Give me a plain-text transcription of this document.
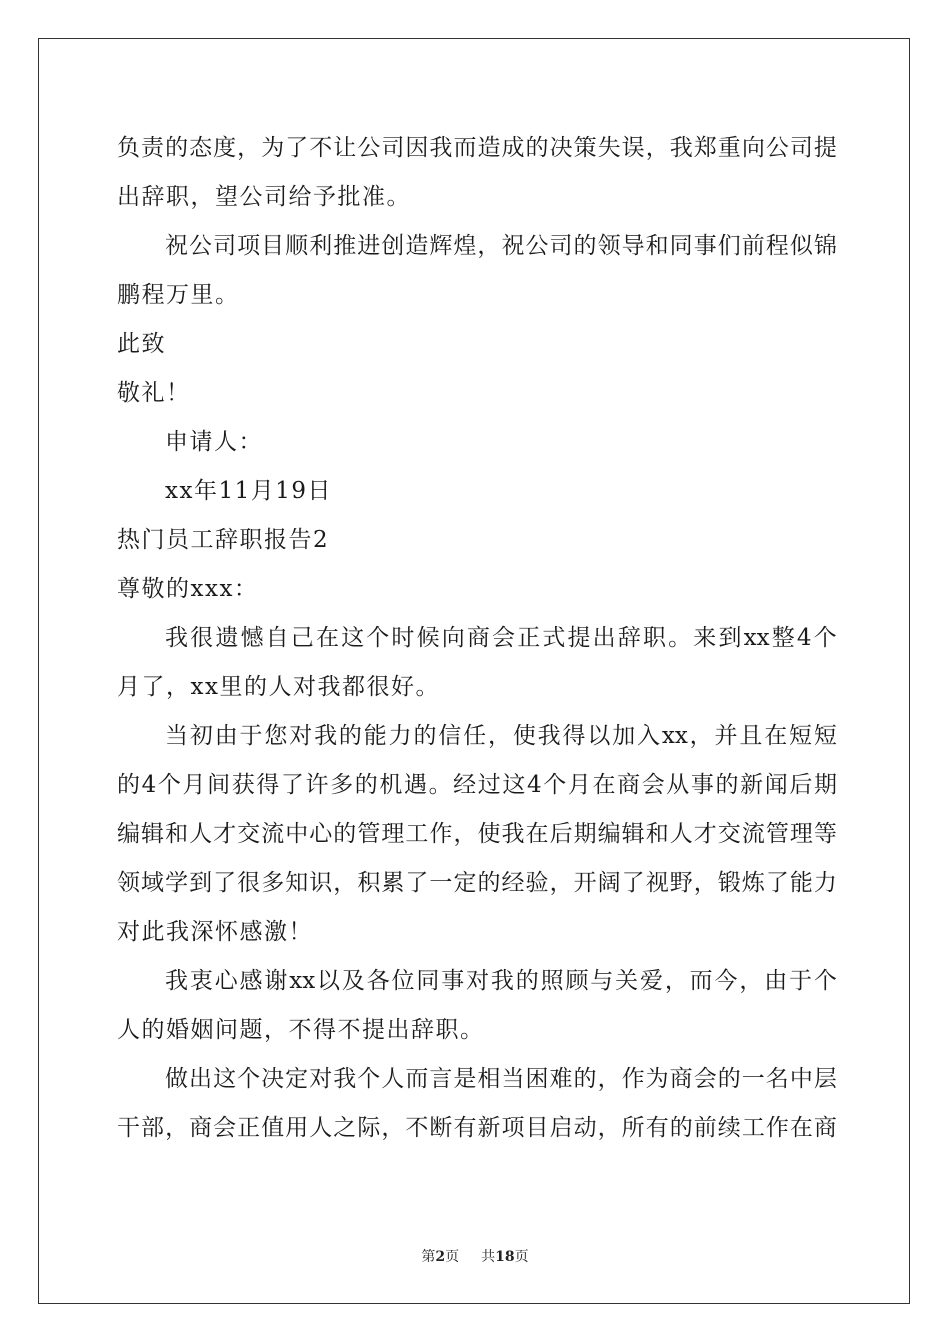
负 责 的 态 度 ， 为 了 不 让 公 司 因 我 而 造 成 的 决 策 失 误 ， 我 郑 重 向 公 司 提
出辞职，望公司给予批准。
祝 公 司 项 目 顺 利 推 进 创 造 辉 煌 ， 祝 公 司 的 领 导 和 同 事 们 前 程 似 锦
鹏程万里。
此致
敬礼！
申请人：
xx年11月19日
热门员工辞职报告2
尊敬的xxx：
我 很 遗 憾 自 己 在 这 个 时 候 向 商 会 正 式 提 出 辞 职 。 来 到 xx 整 4 个
月了，xx里的人对我都很好。
当 初 由 于 您 对 我 的 能 力 的 信 任 ， 使 我 得 以 加 入 xx ， 并 且 在 短 短
的 4 个 月 间 获 得 了 许 多 的 机 遇 。 经 过 这 4 个 月 在 商 会 从 事 的 新 闻 后 期
编 辑 和 人 才 交 流 中 心 的 管 理 工 作 ， 使 我 在 后 期 编 辑 和 人 才 交 流 管 理 等
领 域 学 到 了 很 多 知 识 ， 积 累 了 一 定 的 经 验 ， 开 阔 了 视 野 ， 锻 炼 了 能 力
对此我深怀感激！
我 衷 心 感 谢 xx 以 及 各 位 同 事 对 我 的 照 顾 与 关 爱 ， 而 今 ， 由 于 个
人的婚姻问题，不得不提出辞职。
做 出 这 个 决 定 对 我 个 人 而 言 是 相 当 困 难 的 ， 作 为 商 会 的 一 名 中 层
干 部 ， 商 会 正 值 用 人 之 际 ， 不 断 有 新 项 目 启 动 ， 所 有 的 前 续 工 作 在 商
第2页 共18页
